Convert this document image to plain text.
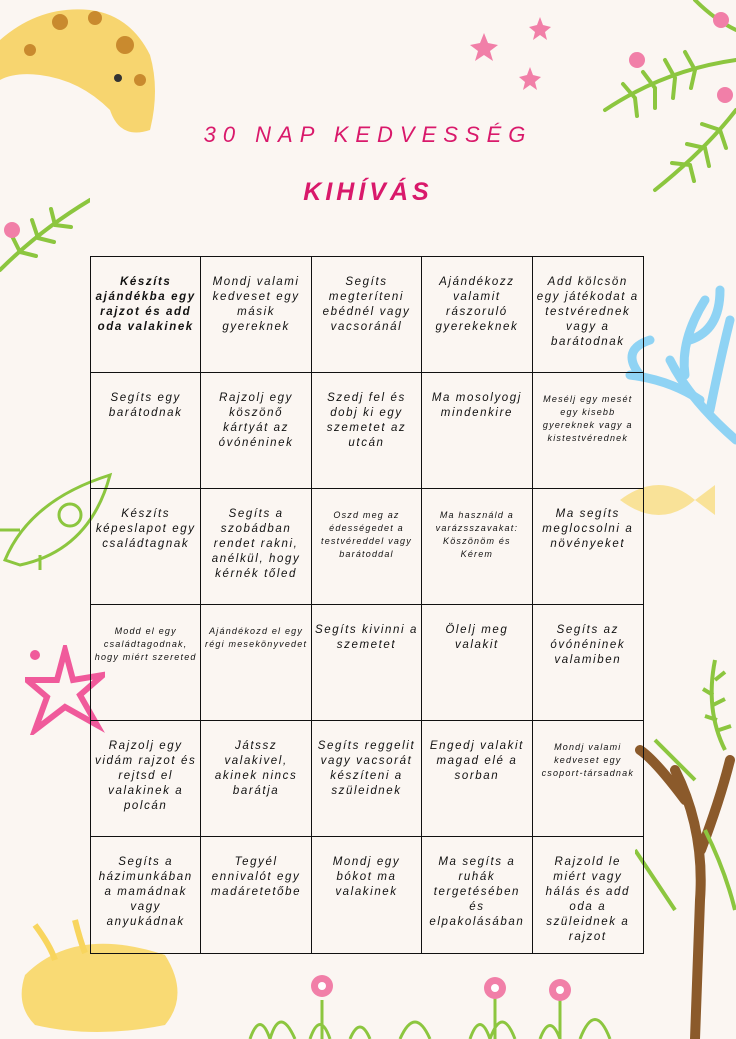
30 NAP KEDVESSÉG
KIHÍVÁS
Készíts ajándékba egy rajzot és add oda valakinek
Mondj valami kedveset egy másik gyereknek
Segíts megteríteni ebédnél vagy vacsoránál
Ajándékozz valamit rászoruló gyerekeknek
Add kölcsön egy játékodat a testvérednek vagy a barátodnak
Segíts egy barátodnak
Rajzolj egy köszönő kártyát az óvónéninek
Szedj fel és dobj ki egy szemetet az utcán
Ma mosolyogj mindenkire
Mesélj egy mesét egy kisebb gyereknek vagy a kistestvérednek
Készíts képeslapot egy családtagnak
Segíts a szobádban rendet rakni, anélkül, hogy kérnék tőled
Oszd meg az édességedet a testvéreddel vagy barátoddal
Ma használd a varázsszavakat: Köszönöm és Kérem
Ma segíts meglocsolni a növényeket
Modd el egy családtagodnak, hogy miért szereted
Ajándékozd el egy régi mesekönyvedet
Segíts kivinni a szemetet
Ölelj meg valakit
Segíts az óvónéninek valamiben
Rajzolj egy vidám rajzot és rejtsd el valakinek a polcán
Játssz valakivel, akinek nincs barátja
Segíts reggelit vagy vacsorát készíteni a szüleidnek
Engedj valakit magad elé a sorban
Mondj valami kedveset egy csoport-társadnak
Segíts a házimunkában a mamádnak vagy anyukádnak
Tegyél ennivalót egy madáretetőbe
Mondj egy bókot ma valakinek
Ma segíts a ruhák tergetésében és elpakolásában
Rajzold le miért vagy hálás és add oda a szüleidnek a rajzot
